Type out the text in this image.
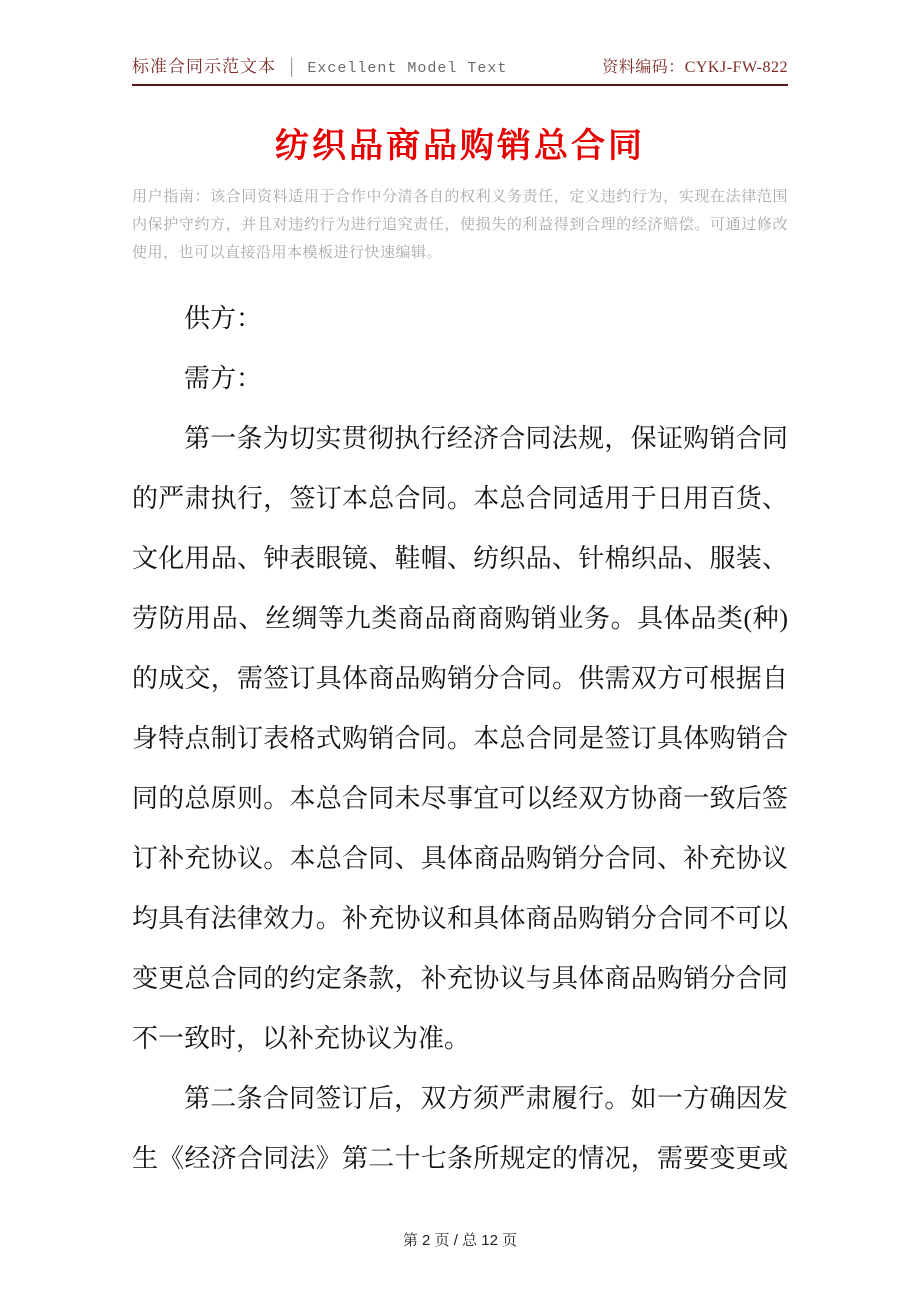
标准合同示范文本 │ Excellent Model Text	资料编码：CYKJ-FW-822
纺织品商品购销总合同

用户指南：该合同资料适用于合作中分清各自的权利义务责任，定义违约行为，实现在法律范围内保护守约方，并且对违约行为进行追究责任，使损失的利益得到合理的经济赔偿。可通过修改使用，也可以直接沿用本模板进行快速编辑。

供方：
需方：
第一条为切实贯彻执行经济合同法规，保证购销合同
的严肃执行，签订本总合同。本总合同适用于日用百货、
文化用品、钟表眼镜、鞋帽、纺织品、针棉织品、服装、
劳防用品、丝绸等九类商品商商购销业务。具体品类(种)
的成交，需签订具体商品购销分合同。供需双方可根据自
身特点制订表格式购销合同。本总合同是签订具体购销合
同的总原则。本总合同未尽事宜可以经双方协商一致后签
订补充协议。本总合同、具体商品购销分合同、补充协议
均具有法律效力。补充协议和具体商品购销分合同不可以
变更总合同的约定条款，补充协议与具体商品购销分合同
不一致时，以补充协议为准。
第二条合同签订后，双方须严肃履行。如一方确因发
生《经济合同法》第二十七条所规定的情况，需要变更或
第 2 页 / 总 12 页
